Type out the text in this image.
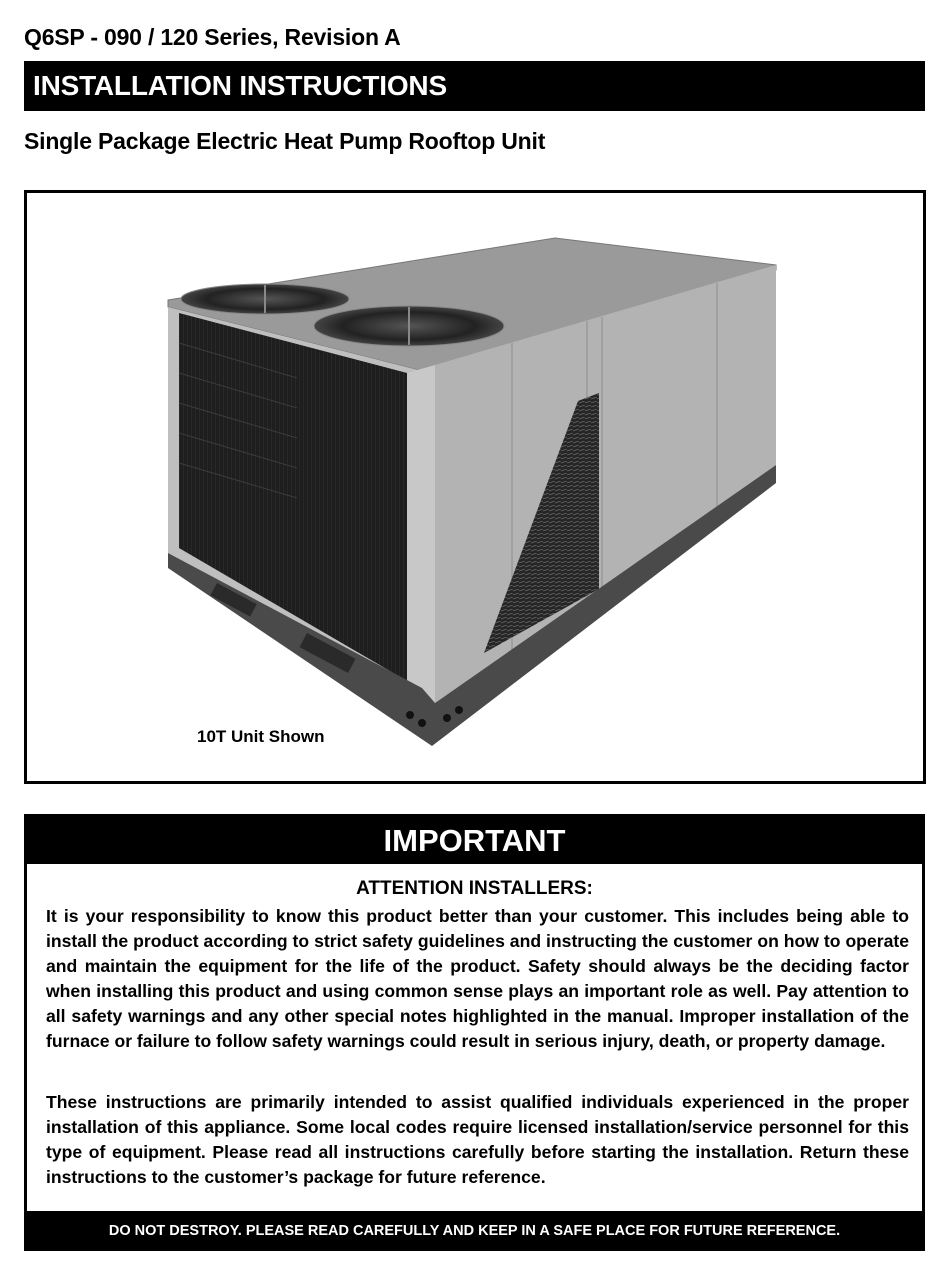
Q6SP - 090 / 120 Series, Revision A
INSTALLATION INSTRUCTIONS
Single Package Electric Heat Pump Rooftop Unit
10T Unit Shown
IMPORTANT
ATTENTION INSTALLERS:
It is your responsibility to know this product better than your customer. This includes being able to install the product according to strict safety guidelines and instructing the customer on how to operate and maintain the equipment for the life of the product. Safety should always be the deciding factor when installing this product and using common sense plays an important role as well. Pay attention to all safety warnings and any other special notes highlighted in the manual. Improper installation of the furnace or failure to follow safety warnings could result in serious injury, death, or property damage.
These instructions are primarily intended to assist qualified individuals experienced in the proper installation of this appliance. Some local codes require licensed installation/service personnel for this type of equipment. Please read all instructions carefully before starting the installation. Return these instructions to the customer’s package for future reference.
DO NOT DESTROY. PLEASE READ CAREFULLY AND KEEP IN A SAFE PLACE FOR FUTURE REFERENCE.
